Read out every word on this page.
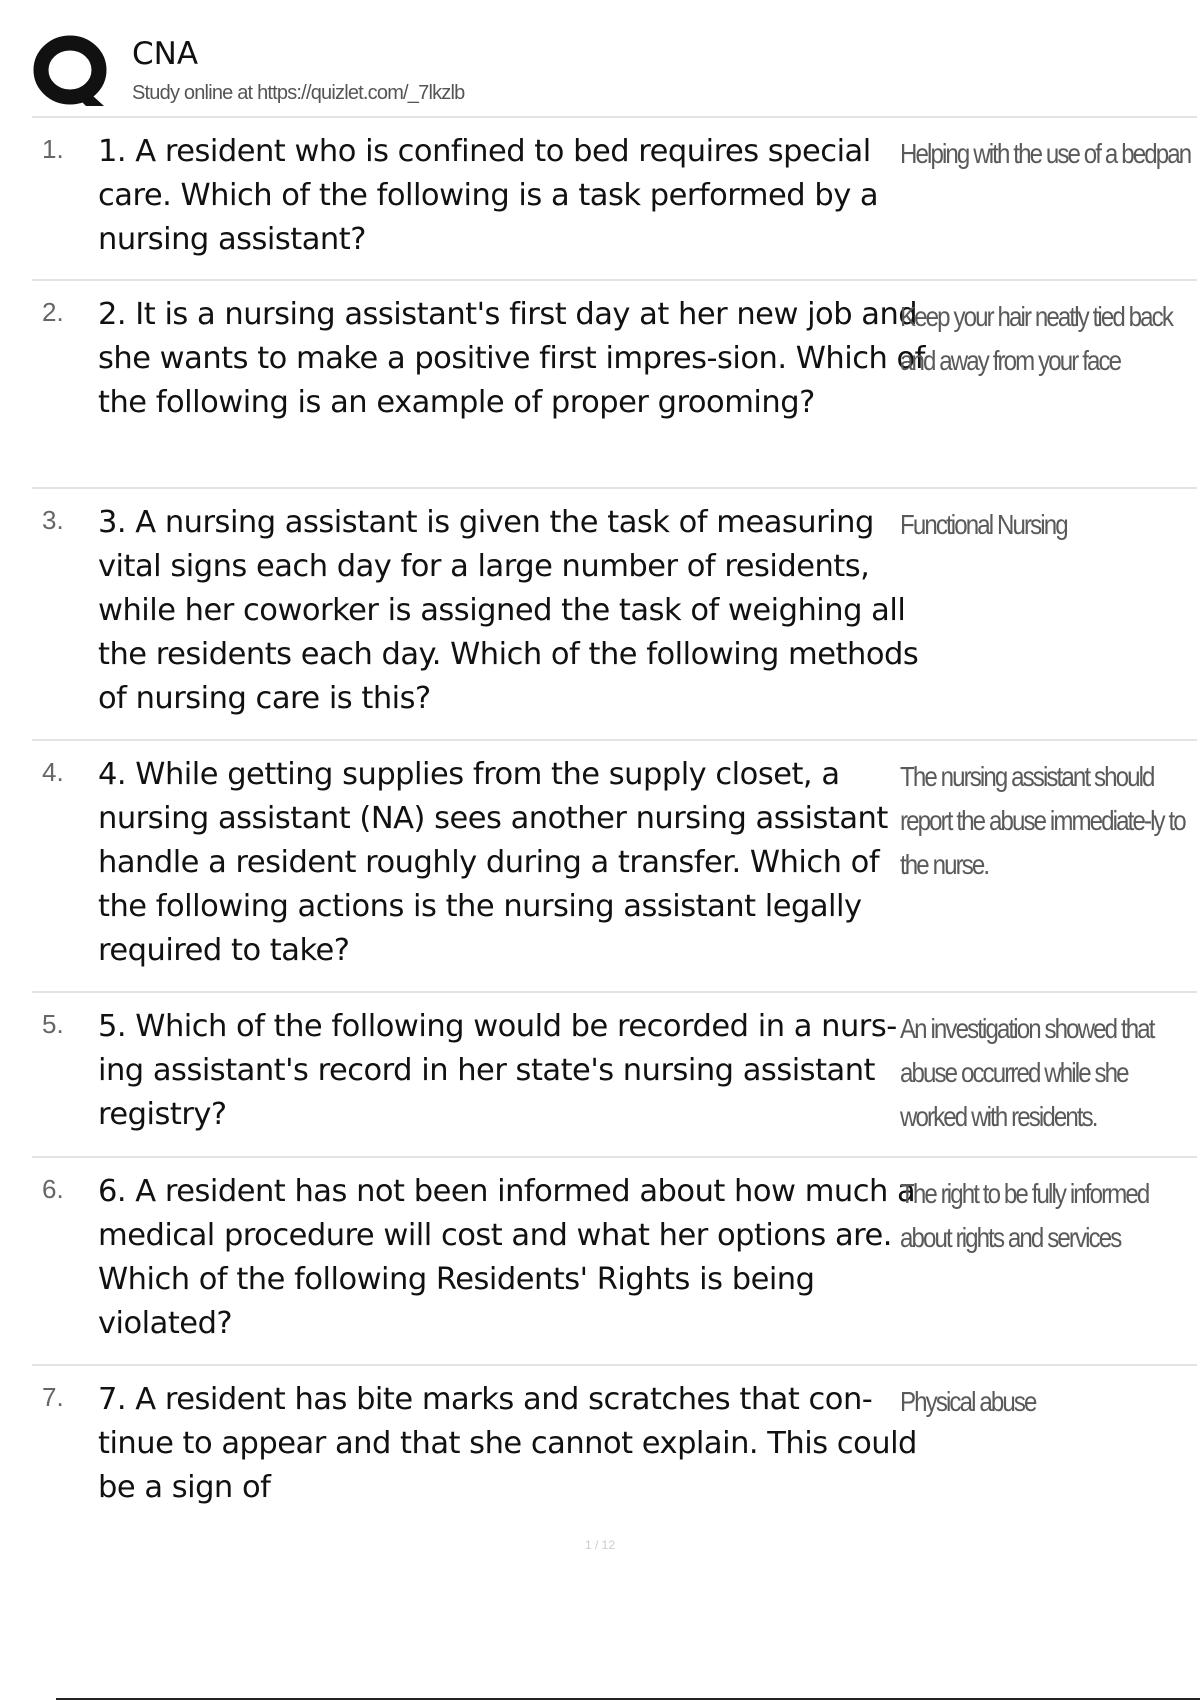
CNA
Study online at https://quizlet.com/_7lkzlb
1. 1. A resident who is confined to bed requires special care. Which of the following is a task performed by a nursing assistant?
Helping with the use of a bedpan
2. 2. It is a nursing assistant's first day at her new job and she wants to make a positive first impres-sion. Which of the following is an example of proper grooming?
Keep your hair neatly tied back and away from your face
3. 3. A nursing assistant is given the task of measuring vital signs each day for a large number of residents, while her coworker is assigned the task of weighing all the residents each day. Which of the following methods of nursing care is this?
Functional Nursing
4. 4. While getting supplies from the supply closet, a nursing assistant (NA) sees another nursing assistant handle a resident roughly during a transfer. Which of the following actions is the nursing assistant legally required to take?
The nursing assistant should report the abuse immediate-ly to the nurse.
5. 5. Which of the following would be recorded in a nurs-ing assistant's record in her state's nursing assistant registry?
An investigation showed that abuse occurred while she worked with residents.
6. 6. A resident has not been informed about how much a medical procedure will cost and what her options are. Which of the following Residents' Rights is being violated?
The right to be fully informed about rights and services
7. 7. A resident has bite marks and scratches that con-tinue to appear and that she cannot explain. This could be a sign of
Physical abuse
1 / 12
